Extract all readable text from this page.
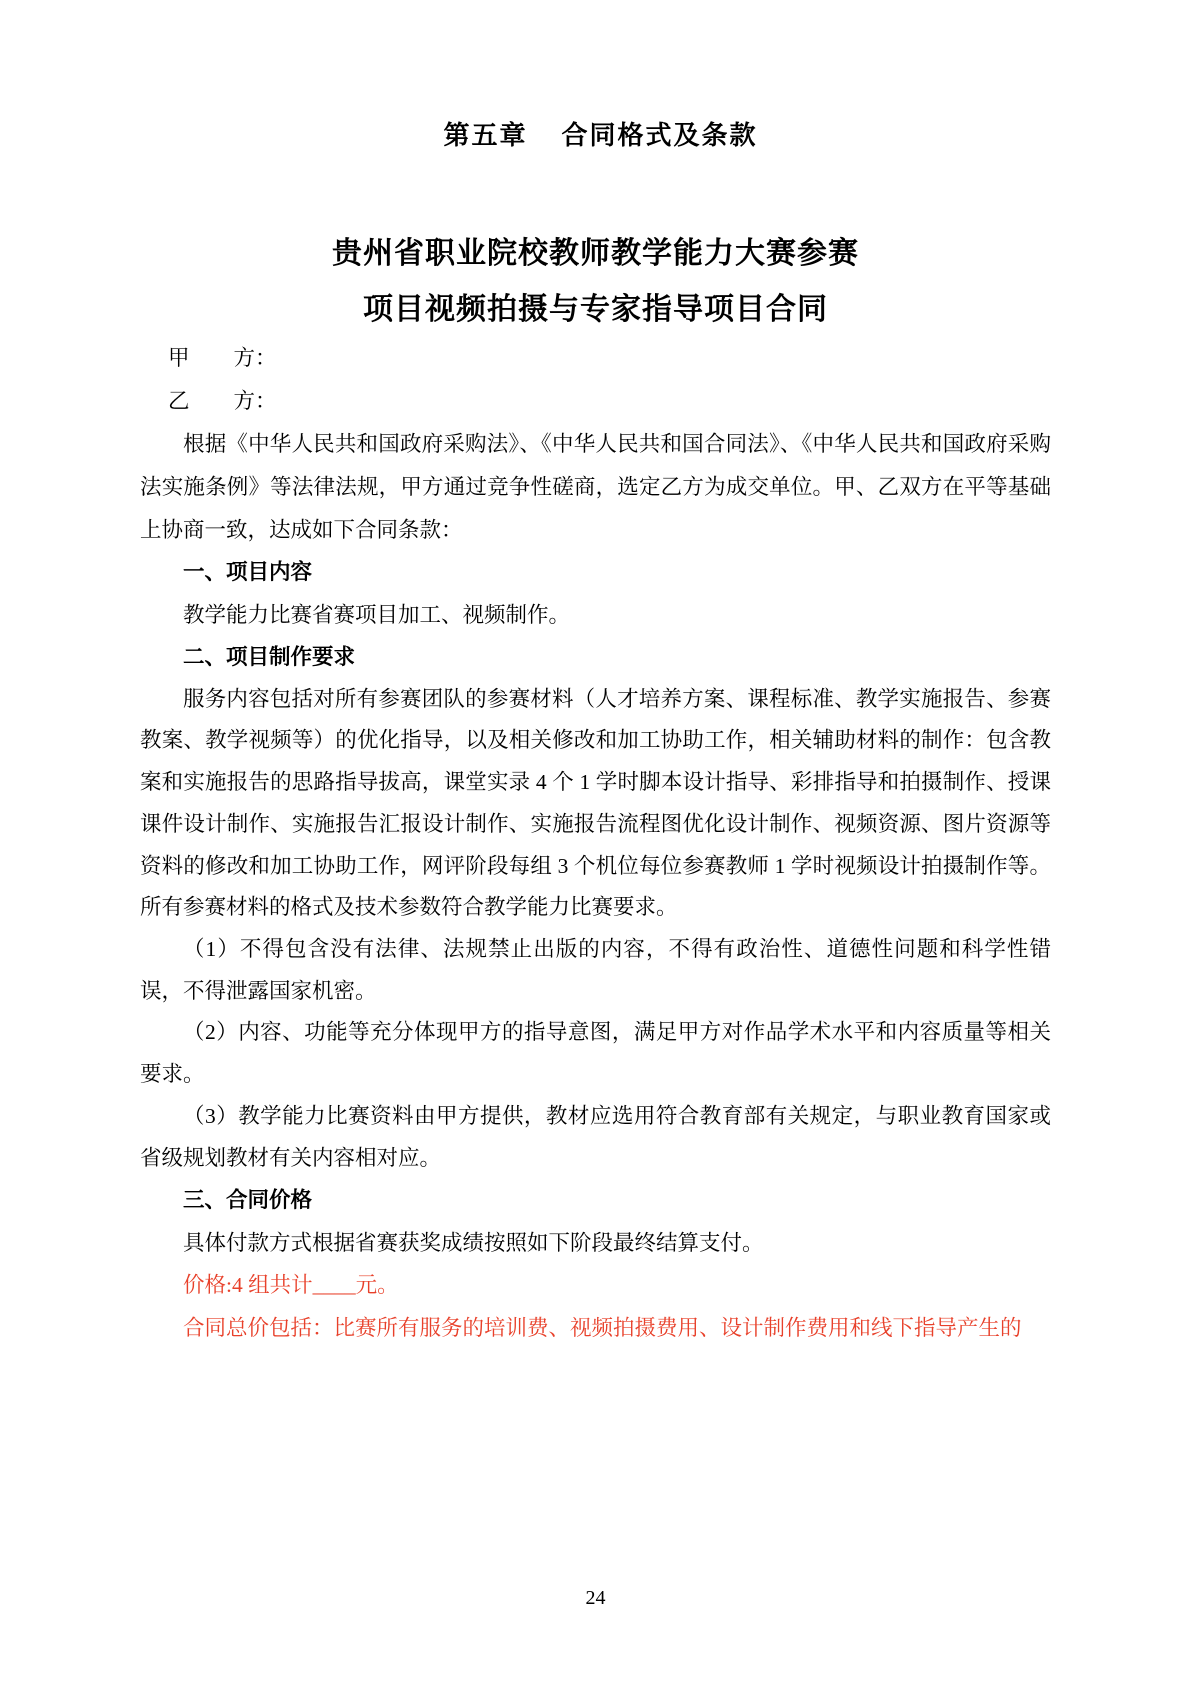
第五章 合同格式及条款
贵州省职业院校教师教学能力大赛参赛
项目视频拍摄与专家指导项目合同
甲 方：
乙 方：

根据《中华人民共和国政府采购法》、《中华人民共和国合同法》、《中华人民共和国政府采购法实施条例》等法律法规，甲方通过竞争性磋商，选定乙方为成交单位。甲、乙双方在平等基础上协商一致，达成如下合同条款：

一、项目内容

教学能力比赛省赛项目加工、视频制作。

二、项目制作要求

服务内容包括对所有参赛团队的参赛材料（人才培养方案、课程标准、教学实施报告、参赛教案、教学视频等）的优化指导，以及相关修改和加工协助工作，相关辅助材料的制作：包含教案和实施报告的思路指导拔高，课堂实录 4 个 1 学时脚本设计指导、彩排指导和拍摄制作、授课课件设计制作、实施报告汇报设计制作、实施报告流程图优化设计制作、视频资源、图片资源等资料的修改和加工协助工作，网评阶段每组 3 个机位每位参赛教师 1 学时视频设计拍摄制作等。所有参赛材料的格式及技术参数符合教学能力比赛要求。

（1）不得包含没有法律、法规禁止出版的内容，不得有政治性、道德性问题和科学性错误，不得泄露国家机密。

（2）内容、功能等充分体现甲方的指导意图，满足甲方对作品学术水平和内容质量等相关要求。

（3）教学能力比赛资料由甲方提供，教材应选用符合教育部有关规定，与职业教育国家或省级规划教材有关内容相对应。

三、合同价格

具体付款方式根据省赛获奖成绩按照如下阶段最终结算支付。

价格:4 组共计____元。

合同总价包括：比赛所有服务的培训费、视频拍摄费用、设计制作费用和线下指导产生的

24
